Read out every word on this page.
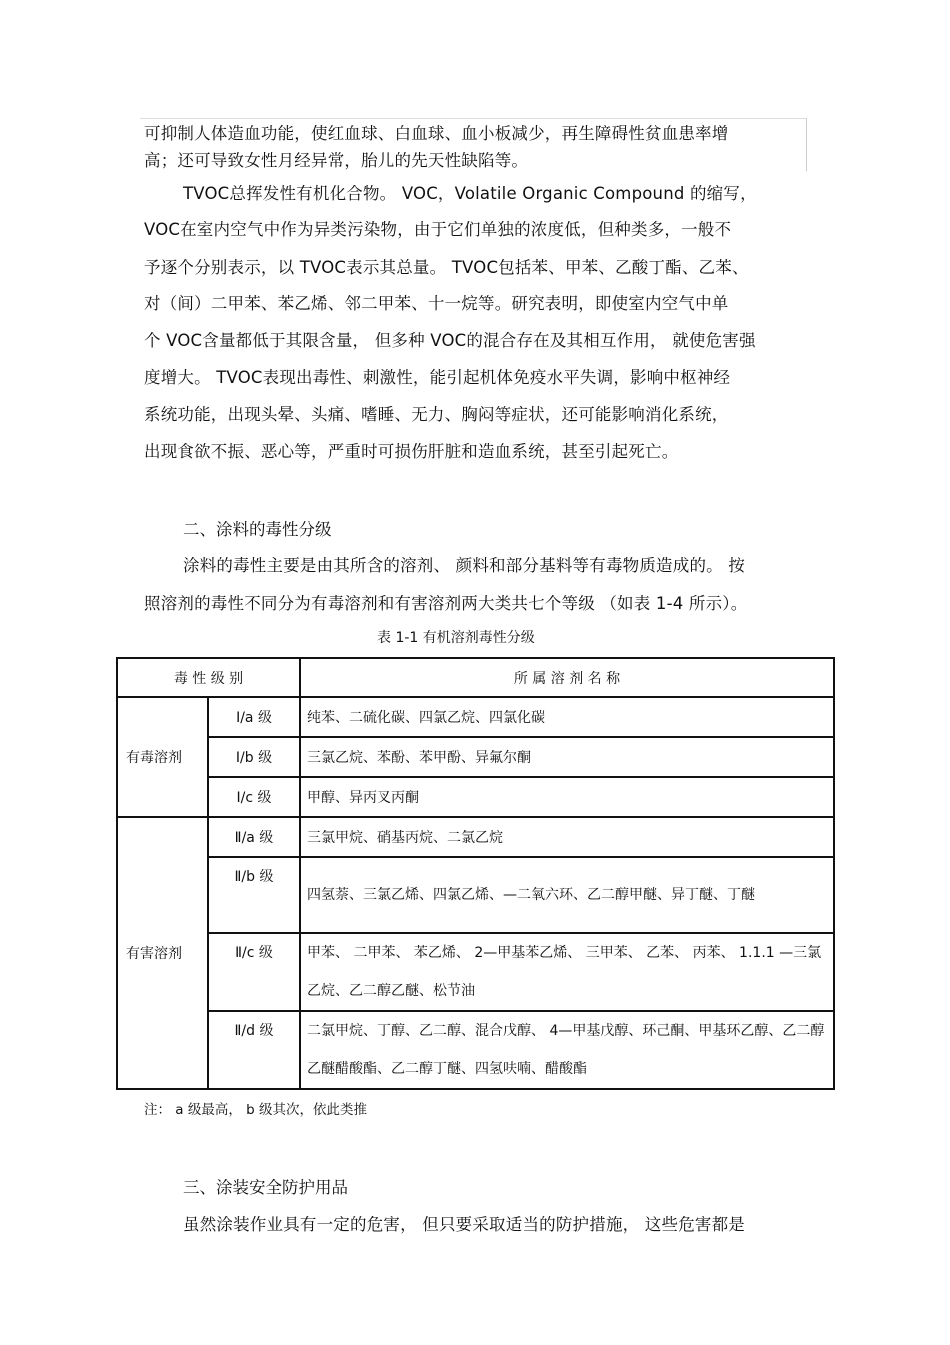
可抑制人体造血功能，使红血球、白血球、血小板减少，再生障碍性贫血患率增
高；还可导致女性月经异常，胎儿的先天性缺陷等。
TVOC总挥发性有机化合物。 VOC，Volatile Organic Compound 的缩写，
VOC在室内空气中作为异类污染物，由于它们单独的浓度低，但种类多，一般不
予逐个分别表示，以 TVOC表示其总量。 TVOC包括苯、甲苯、乙酸丁酯、乙苯、
对（间）二甲苯、苯乙烯、邻二甲苯、十一烷等。研究表明，即使室内空气中单
个 VOC含量都低于其限含量， 但多种 VOC的混合存在及其相互作用， 就使危害强
度增大。 TVOC表现出毒性、刺激性，能引起机体免疫水平失调，影响中枢神经
系统功能，出现头晕、头痛、嗜睡、无力、胸闷等症状，还可能影响消化系统，
出现食欲不振、恶心等，严重时可损伤肝脏和造血系统，甚至引起死亡。
二、涂料的毒性分级
涂料的毒性主要是由其所含的溶剂、 颜料和部分基料等有毒物质造成的。 按
照溶剂的毒性不同分为有毒溶剂和有害溶剂两大类共七个等级 （如表 1-4 所示）。
表 1-1 有机溶剂毒性分级
毒 性 级 别		所 属 溶 剂 名 称
有毒溶剂	Ⅰ/a 级	纯苯、二硫化碳、四氯乙烷、四氯化碳
	Ⅰ/b 级	三氯乙烷、苯酚、苯甲酚、异氟尔酮
	Ⅰ/c 级	甲醇、异丙叉丙酮
有害溶剂	Ⅱ/a 级	三氯甲烷、硝基丙烷、二氯乙烷
	Ⅱ/b 级	四氢萘、三氯乙烯、四氯乙烯、—二氧六环、乙二醇甲醚、异丁醚、丁醚
	Ⅱ/c 级	甲苯、 二甲苯、 苯乙烯、 2—甲基苯乙烯、 三甲苯、 乙苯、 丙苯、 1.1.1 —三氯乙烷、乙二醇乙醚、松节油
	Ⅱ/d 级	二氯甲烷、丁醇、乙二醇、混合戊醇、 4—甲基戊醇、环己酮、甲基环乙醇、乙二醇乙醚醋酸酯、乙二醇丁醚、四氢呋喃、醋酸酯
注： a 级最高， b 级其次，依此类推
三、涂装安全防护用品
虽然涂装作业具有一定的危害， 但只要采取适当的防护措施， 这些危害都是
